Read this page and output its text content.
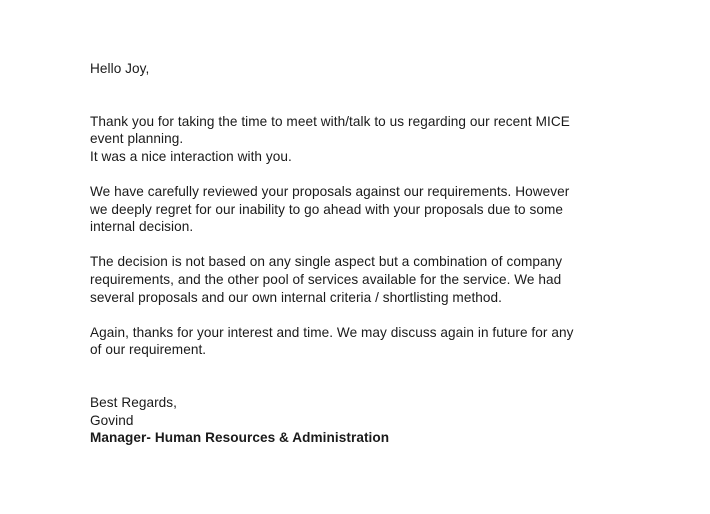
Hello Joy,
Thank you for taking the time to meet with/talk to us regarding our recent MICE
event planning.
It was a nice interaction with you.
We have carefully reviewed your proposals against our requirements. However
we deeply regret for our inability to go ahead with your proposals due to some
internal decision.
The decision is not based on any single aspect but a combination of company
requirements, and the other pool of services available for the service. We had
several proposals and our own internal criteria / shortlisting method.
Again, thanks for your interest and time. We may discuss again in future for any
of our requirement.
Best Regards,
Govind
Manager- Human Resources & Administration
